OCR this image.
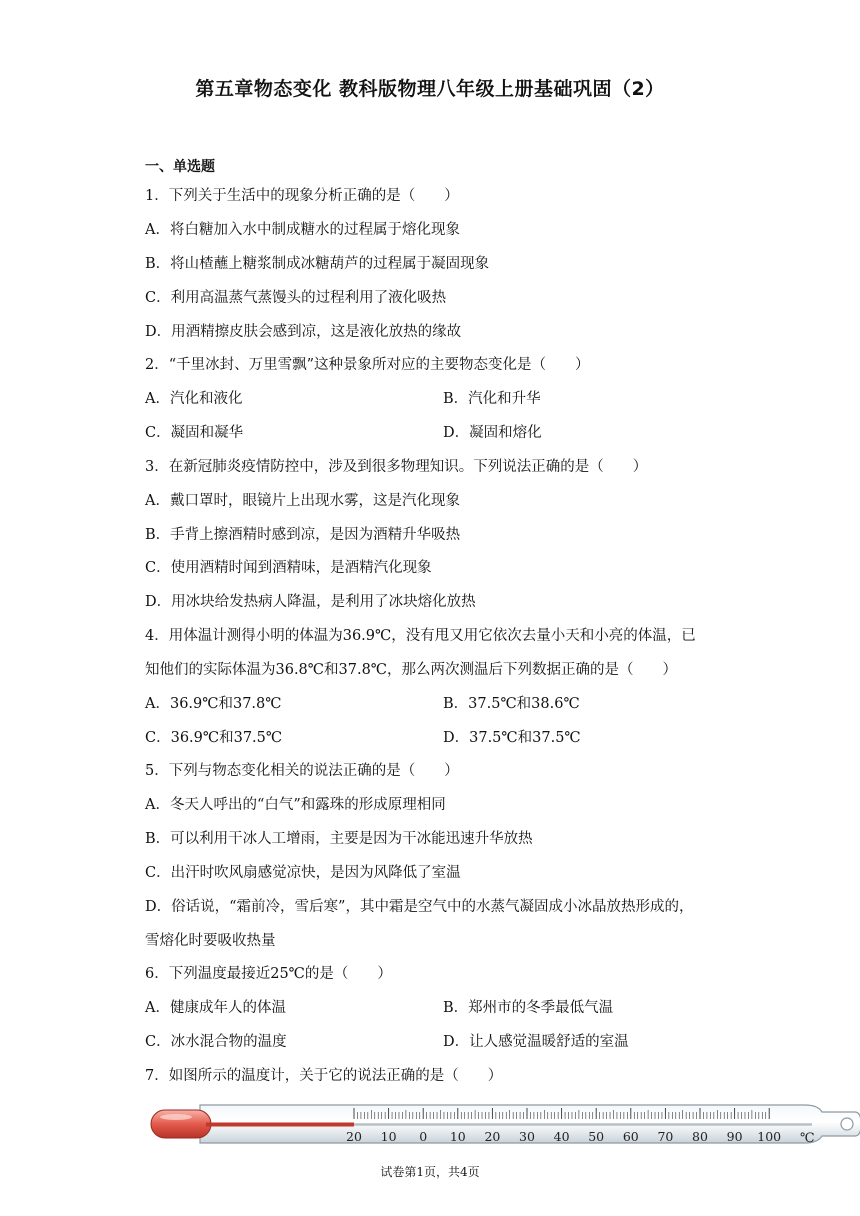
第五章物态变化 教科版物理八年级上册基础巩固（2）
一、单选题
1．下列关于生活中的现象分析正确的是（　　）
A．将白糖加入水中制成糖水的过程属于熔化现象
B．将山楂蘸上糖浆制成冰糖葫芦的过程属于凝固现象
C．利用高温蒸气蒸馒头的过程利用了液化吸热
D．用酒精擦皮肤会感到凉，这是液化放热的缘故
2．“千里冰封、万里雪飘”这种景象所对应的主要物态变化是（　　）
A．汽化和液化	B．汽化和升华
C．凝固和凝华	D．凝固和熔化
3．在新冠肺炎疫情防控中，涉及到很多物理知识。下列说法正确的是（　　）
A．戴口罩时，眼镜片上出现水雾，这是汽化现象
B．手背上擦酒精时感到凉，是因为酒精升华吸热
C．使用酒精时闻到酒精味，是酒精汽化现象
D．用冰块给发热病人降温，是利用了冰块熔化放热
4．用体温计测得小明的体温为36.9℃，没有甩又用它依次去量小天和小亮的体温，已
知他们的实际体温为36.8℃和37.8℃，那么两次测温后下列数据正确的是（　　）
A．36.9℃和37.8℃	B．37.5℃和38.6℃
C．36.9℃和37.5℃	D．37.5℃和37.5℃
5．下列与物态变化相关的说法正确的是（　　）
A．冬天人呼出的“白气”和露珠的形成原理相同
B．可以利用干冰人工增雨，主要是因为干冰能迅速升华放热
C．出汗时吹风扇感觉凉快，是因为风降低了室温
D．俗话说，“霜前冷，雪后寒”，其中霜是空气中的水蒸气凝固成小冰晶放热形成的，
雪熔化时要吸收热量
6．下列温度最接近25℃的是（　　）
A．健康成年人的体温	B．郑州市的冬季最低气温
C．冰水混合物的温度	D．让人感觉温暖舒适的室温
7．如图所示的温度计，关于它的说法正确的是（　　）
20 10 0 10 20 30 40 50 60 70 80 90 100 ℃
试卷第1页，共4页
